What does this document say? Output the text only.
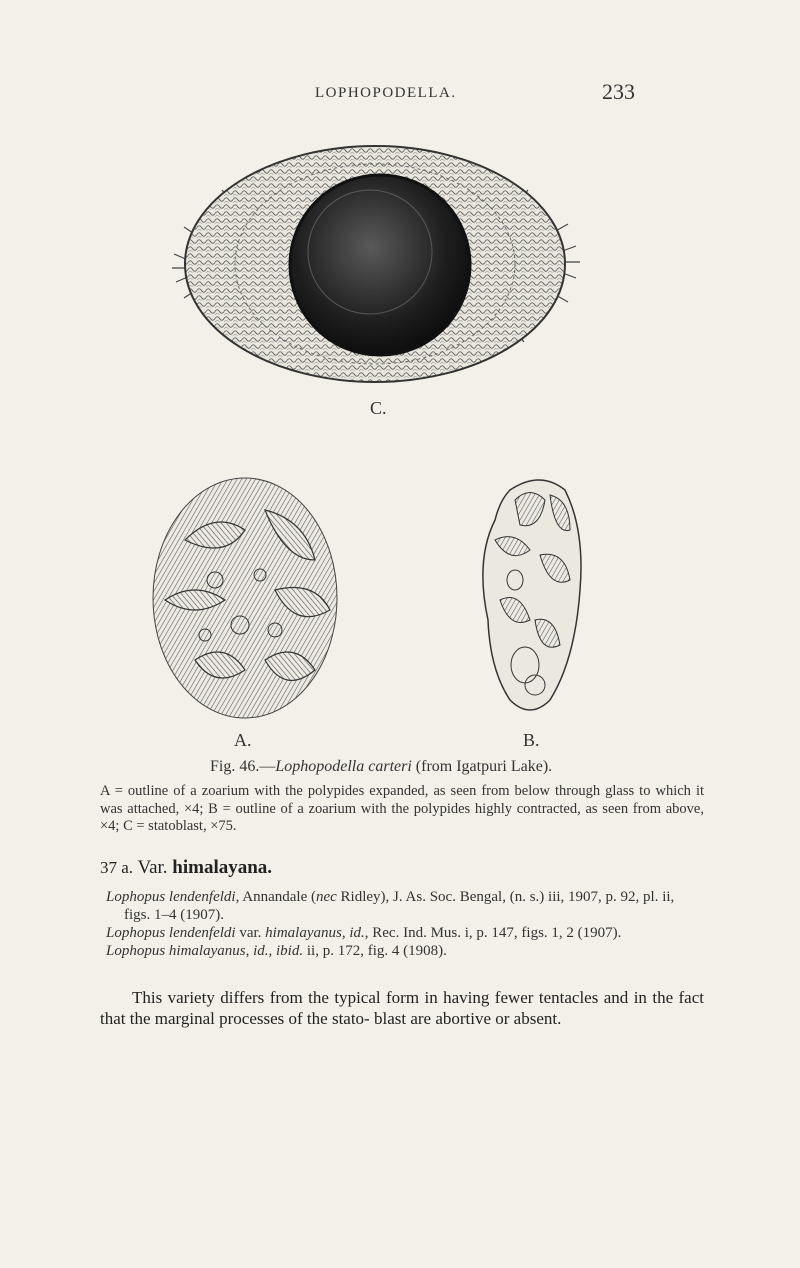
LOPHOPODELLA.	233
C.
A.	B.
Fig. 46.—Lophopodella carteri (from Igatpuri Lake).
A = outline of a zoarium with the polypides expanded, as seen from below through glass to which it was attached, ×4; B = outline of a zoarium with the polypides highly contracted, as seen from above, ×4; C = statoblast, ×75.
37 a. Var. himalayana.

Lophopus lendenfeldi, Annandale (nec Ridley), J. As. Soc. Bengal, (n. s.) iii, 1907, p. 92, pl. ii, figs. 1–4 (1907).

Lophopus lendenfeldi var. himalayanus, id., Rec. Ind. Mus. i, p. 147, figs. 1, 2 (1907).

Lophopus himalayanus, id., ibid. ii, p. 172, fig. 4 (1908).

This variety differs from the typical form in having fewer tentacles and in the fact that the marginal processes of the stato- blast are abortive or absent.
